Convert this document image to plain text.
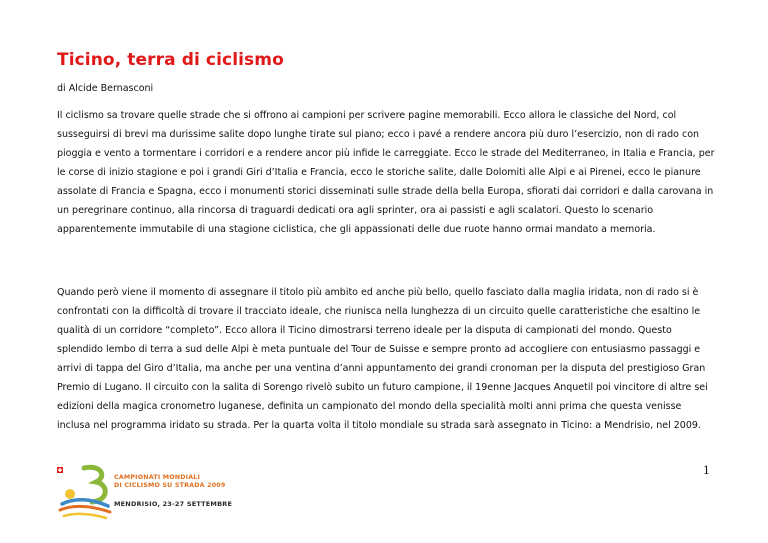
Ticino, terra di ciclismo
di Alcide Bernasconi

Il ciclismo sa trovare quelle strade che si offrono ai campioni per scrivere pagine memorabili. Ecco allora le classiche del Nord, col susseguirsi di brevi ma durissime salite dopo lunghe tirate sul piano; ecco i pavé a rendere ancora più duro l’esercizio, non di rado con pioggia e vento a tormentare i corridori e a rendere ancor più infide le carreggiate. Ecco le strade del Mediterraneo, in Italia e Francia, per le corse di inizio stagione e poi i grandi Giri d’Italia e Francia, ecco le storiche salite, dalle Dolomiti alle Alpi e ai Pirenei, ecco le pianure assolate di Francia e Spagna, ecco i monumenti storici disseminati sulle strade della bella Europa, sfiorati dai corridori e dalla carovana in un peregrinare continuo, alla rincorsa di traguardi dedicati ora agli sprinter, ora ai passisti e agli scalatori. Questo lo scenario apparentemente immutabile di una stagione ciclistica, che gli appassionati delle due ruote hanno ormai mandato a memoria.

Quando però viene il momento di assegnare il titolo più ambito ed anche più bello, quello fasciato dalla maglia iridata, non di rado si è confrontati con la difficoltà di trovare il tracciato ideale, che riunisca nella lunghezza di un circuito quelle caratteristiche che esaltino le qualità di un corridore “completo”. Ecco allora il Ticino dimostrarsi terreno ideale per la disputa di campionati del mondo. Questo splendido lembo di terra a sud delle Alpi è meta puntuale del Tour de Suisse e sempre pronto ad accogliere con entusiasmo passaggi e arrivi di tappa del Giro d’Italia, ma anche per una ventina d’anni appuntamento dei grandi cronoman per la disputa del prestigioso Gran Premio di Lugano. Il circuito con la salita di Sorengo rivelò subito un futuro campione, il 19enne Jacques Anquetil poi vincitore di altre sei edizioni della magica cronometro luganese, definita un campionato del mondo della specialità molti anni prima che questa venisse inclusa nel programma iridato su strada. Per la quarta volta il titolo mondiale su strada sarà assegnato in Ticino: a Mendrisio, nel 2009.

CAMPIONATI MONDIALI
DI CICLISMO SU STRADA 2009
MENDRISIO, 23-27 SETTEMBRE
1
